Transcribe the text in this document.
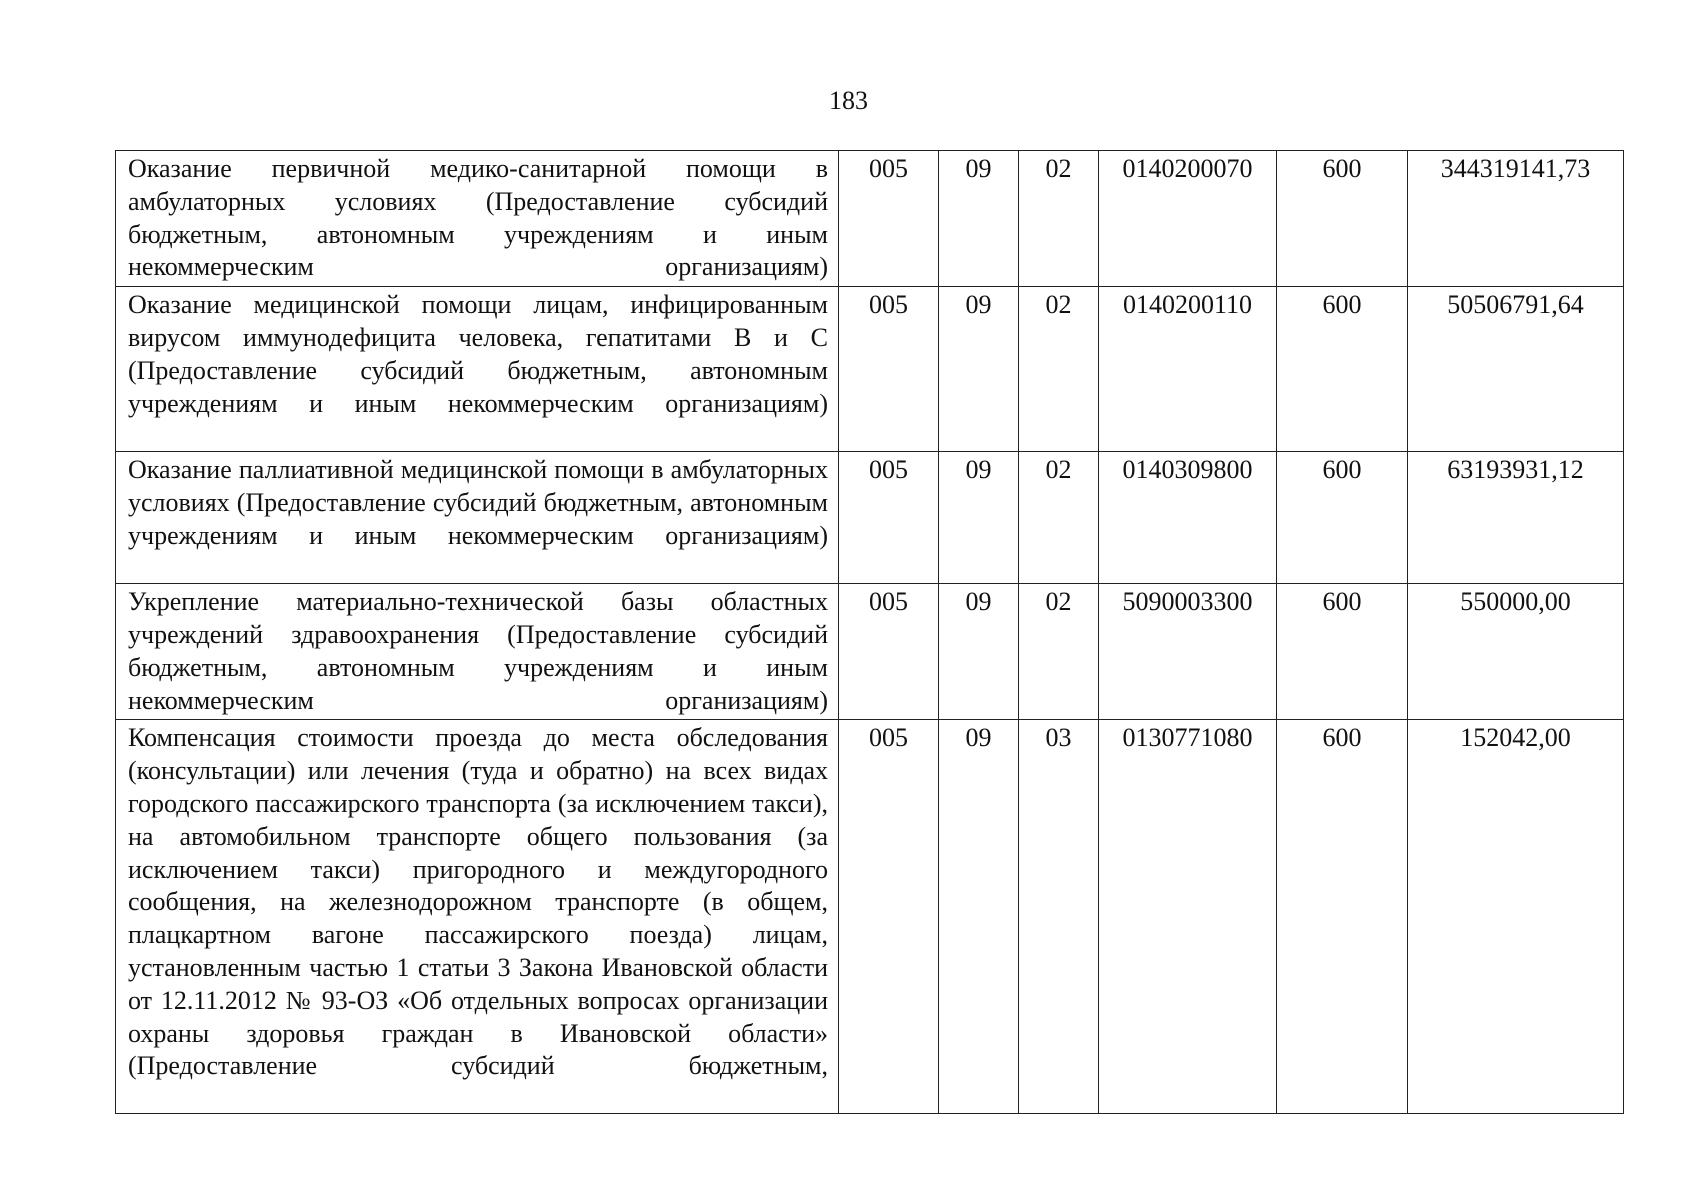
183
Оказание первичной медико-санитарной помощи в амбулаторных условиях (Предоставление субсидий бюджетным, автономным учреждениям и иным некоммерческим организациям)	005	09	02	0140200070	600	344319141,73
Оказание медицинской помощи лицам, инфицированным вирусом иммунодефицита человека, гепатитами В и С (Предоставление субсидий бюджетным, автономным учреждениям и иным некоммерческим организациям)	005	09	02	0140200110	600	50506791,64
Оказание паллиативной медицинской помощи в амбулаторных условиях (Предоставление субсидий бюджетным, автономным учреждениям и иным некоммерческим организациям)	005	09	02	0140309800	600	63193931,12
Укрепление материально-технической базы областных учреждений здравоохранения (Предоставление субсидий бюджетным, автономным учреждениям и иным некоммерческим организациям)	005	09	02	5090003300	600	550000,00
Компенсация стоимости проезда до места обследования (консультации) или лечения (туда и обратно) на всех видах городского пассажирского транспорта (за исключением такси), на автомобильном транспорте общего пользования (за исключением такси) пригородного и междугородного сообщения, на железнодорожном транспорте (в общем, плацкартном вагоне пассажирского поезда) лицам, установленным частью 1 статьи 3 Закона Ивановской области от 12.11.2012 № 93-ОЗ «Об отдельных вопросах организации охраны здоровья граждан в Ивановской области» (Предоставление субсидий бюджетным,	005	09	03	0130771080	600	152042,00
